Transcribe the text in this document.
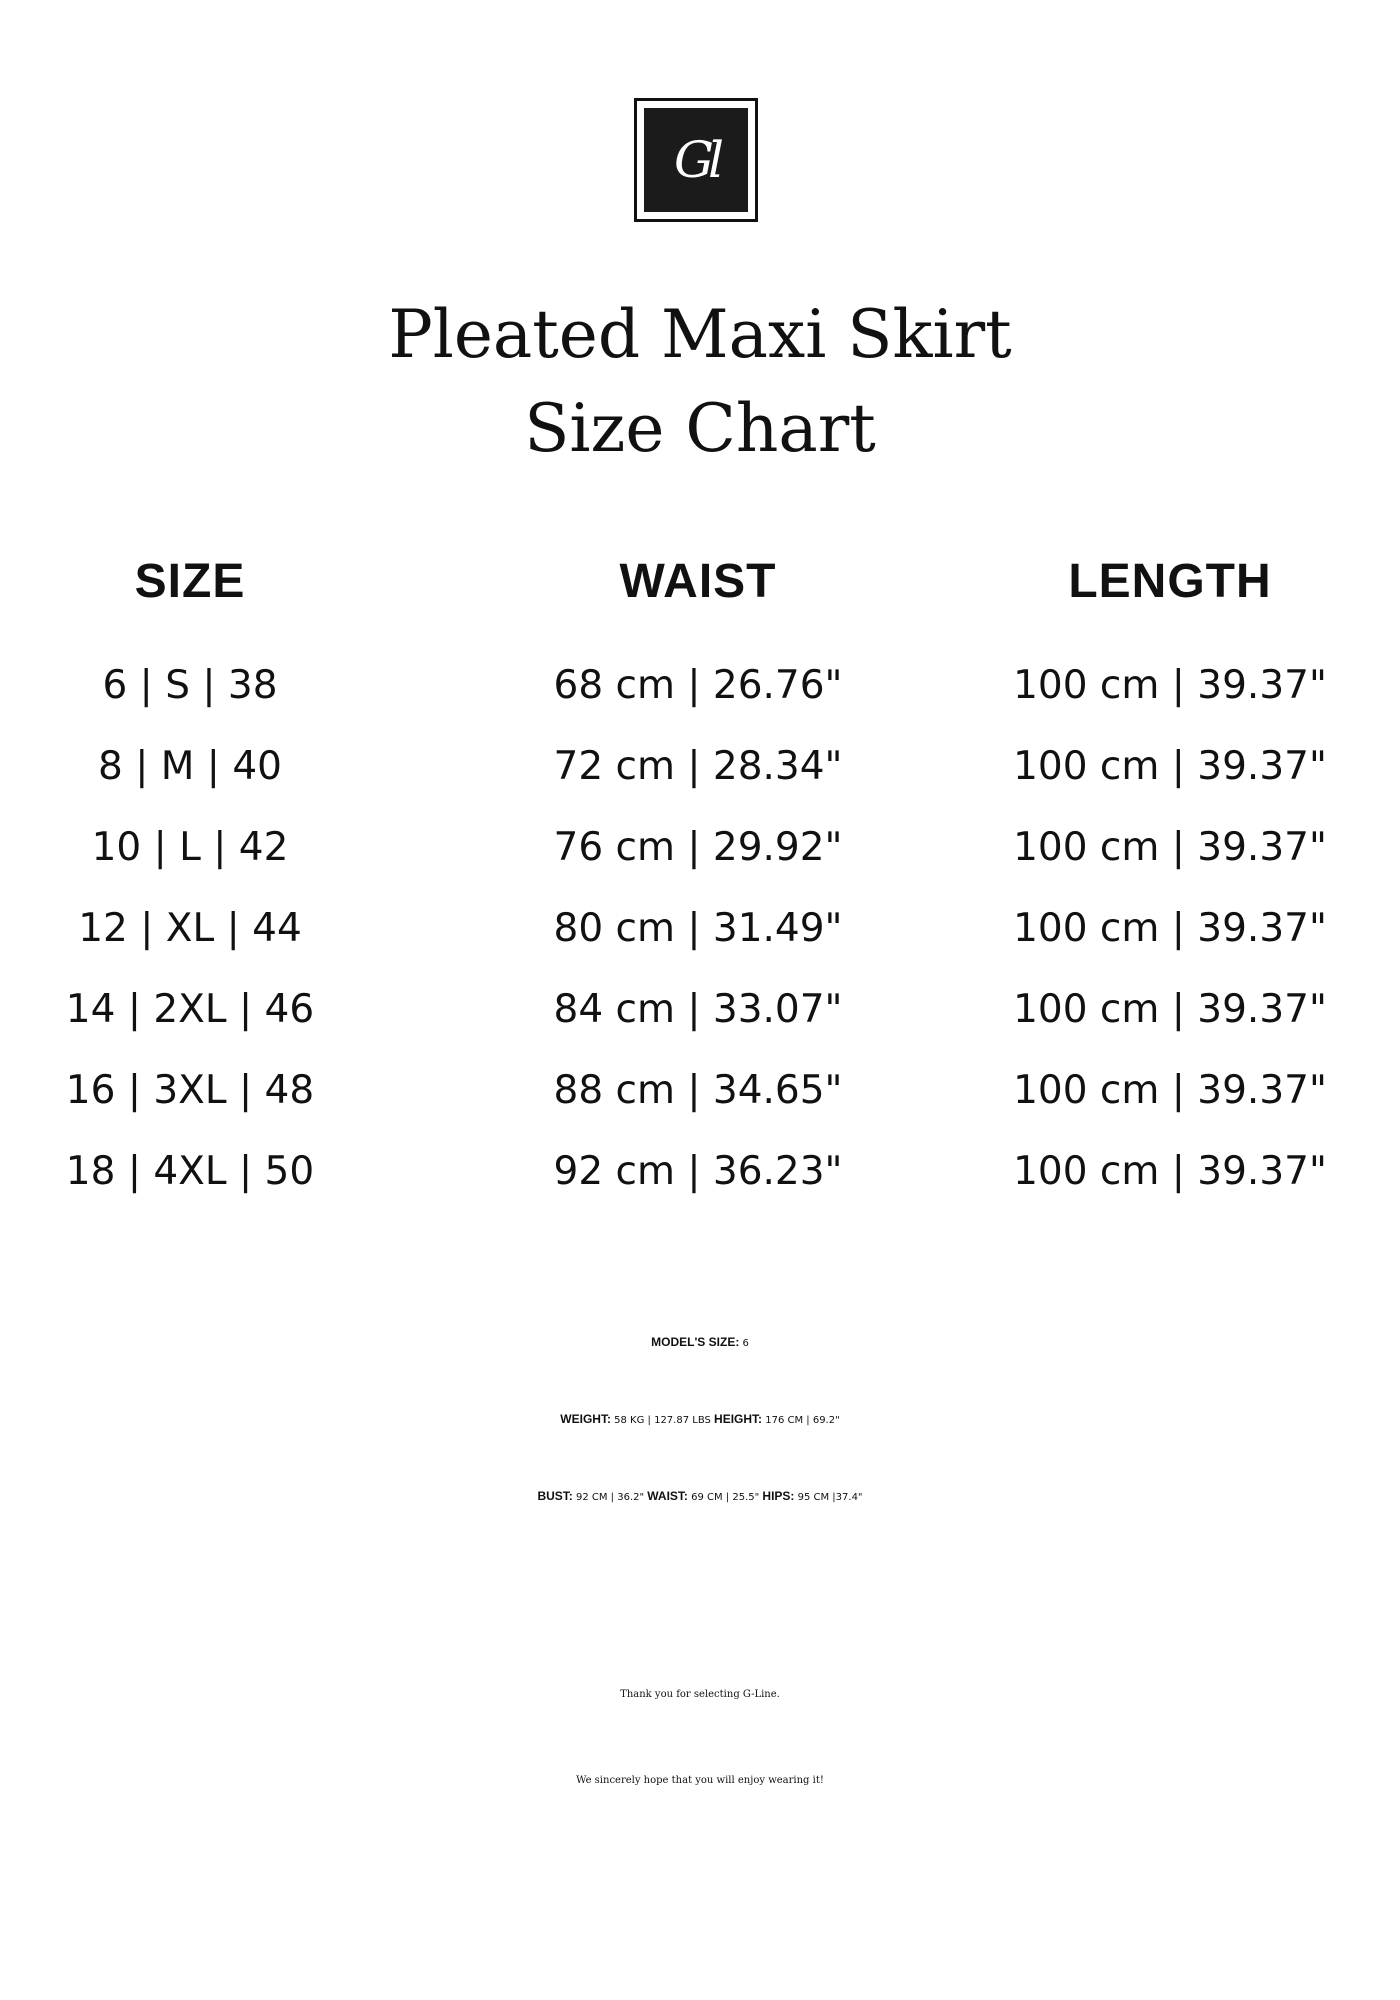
Gl
Pleated Maxi Skirt
Size Chart
SIZE	WAIST	LENGTH
6 | S | 38	68 cm | 26.76"	100 cm | 39.37"
8 | M | 40	72 cm | 28.34"	100 cm | 39.37"
10 | L | 42	76 cm | 29.92"	100 cm | 39.37"
12 | XL | 44	80 cm | 31.49"	100 cm | 39.37"
14 | 2XL | 46	84 cm | 33.07"	100 cm | 39.37"
16 | 3XL | 48	88 cm | 34.65"	100 cm | 39.37"
18 | 4XL | 50	92 cm | 36.23"	100 cm | 39.37"
MODEL'S SIZE: 6
WEIGHT: 58 KG | 127.87 LBS HEIGHT: 176 CM | 69.2"
BUST: 92 CM | 36.2" WAIST: 69 CM | 25.5" HIPS: 95 CM |37.4"
Thank you for selecting G-Line.
We sincerely hope that you will enjoy wearing it!
